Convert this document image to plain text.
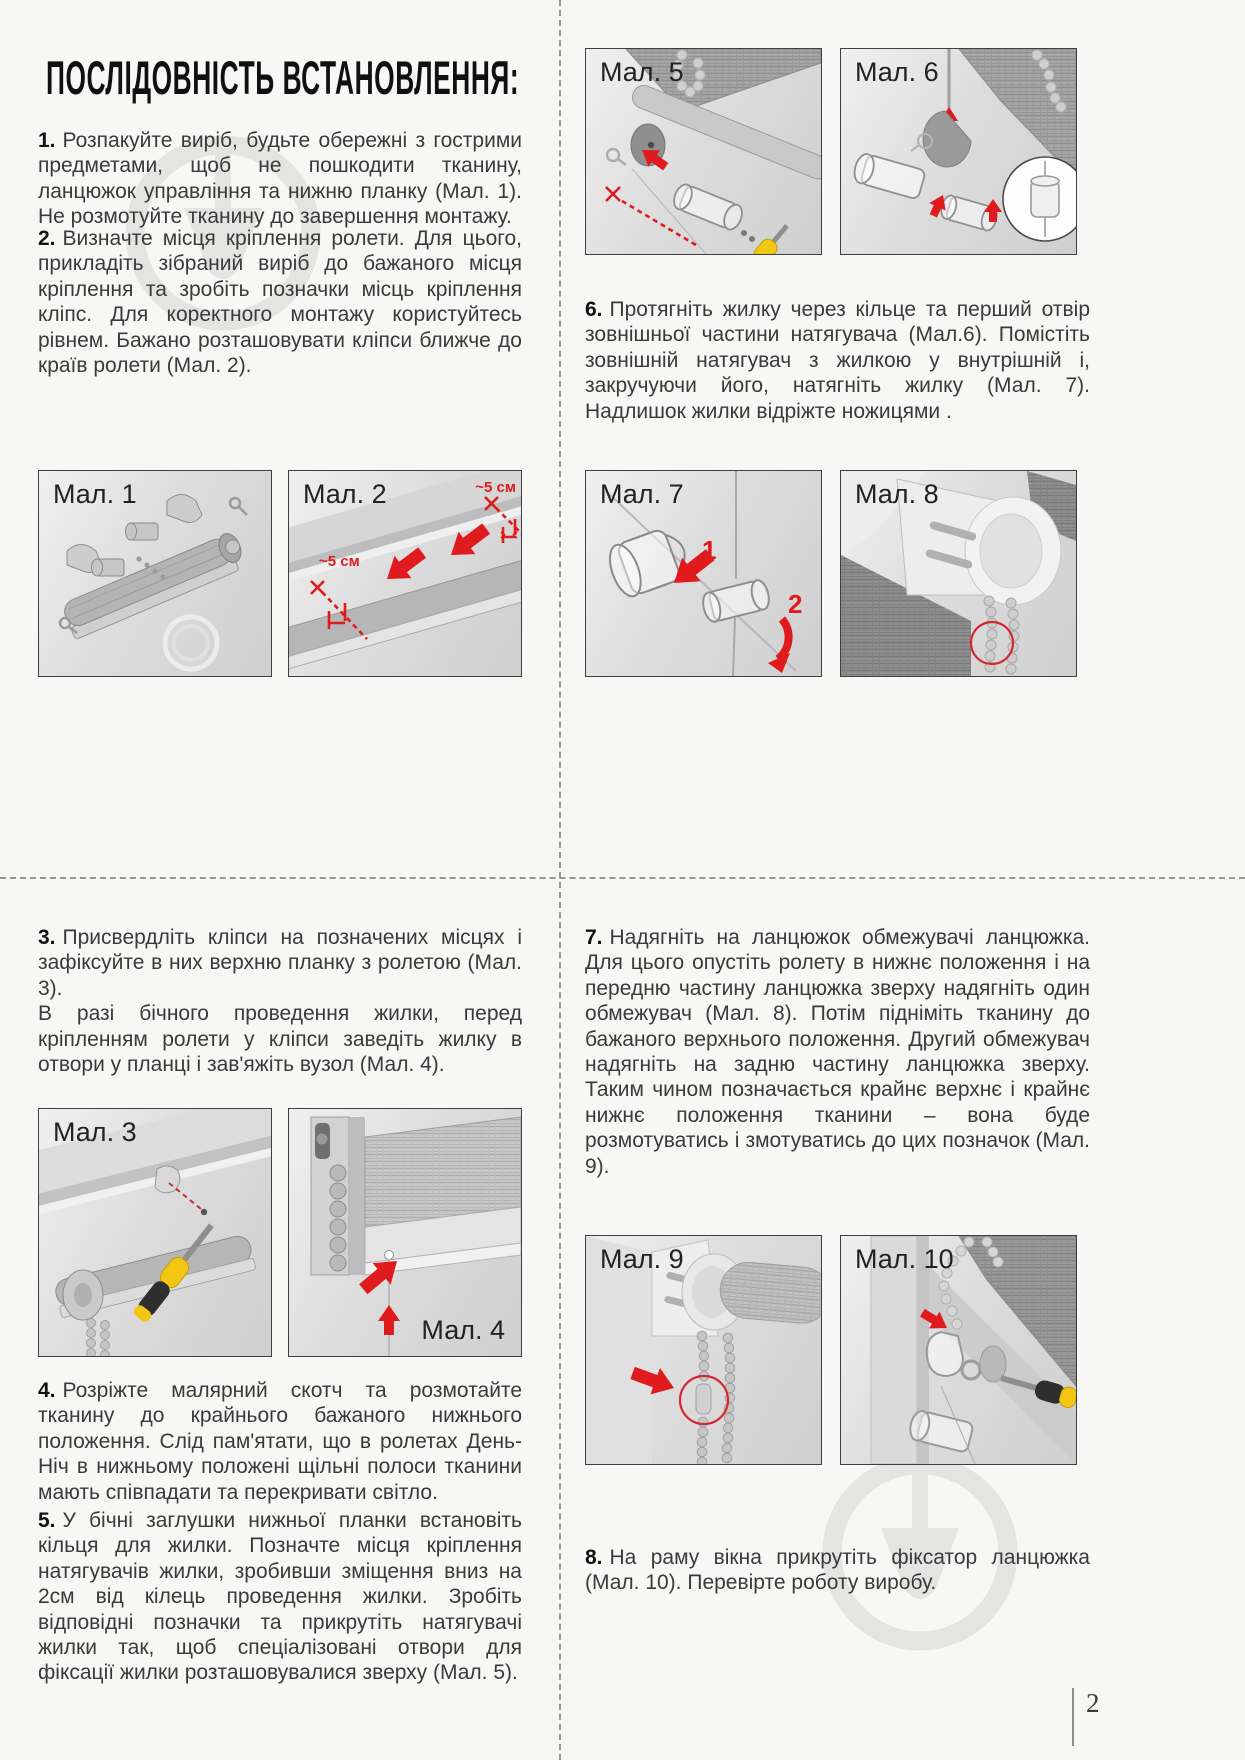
ПОСЛІДОВНІСТЬ ВСТАНОВЛЕННЯ:
1. Розпакуйте виріб, будьте обережні з гострими предметами, щоб не пошкодити тканину, ланцюжок управління та нижню планку (Мал. 1). Не розмотуйте тканину до завершення монтажу.
2. Визначте місця кріплення ролети. Для цього, прикладіть зібраний виріб до бажаного місця кріплення та зробіть позначки місць кріплення кліпс. Для коректного монтажу користуйтесь рівнем. Бажано розташовувати кліпси ближче до країв ролети (Мал. 2).
Мал. 1	Мал. 2	~5 см
~5 см
Мал. 5	Мал. 6
6. Протягніть жилку через кільце та перший отвір зовнішньої частини натягувача (Мал.6). Помістіть зовнішній натягувач з жилкою у внутрішній і, закручуючи його, натягніть жилку (Мал. 7). Надлишок жилки відріжте ножицями .
Мал. 7
1
2
Мал. 8
3. Присвердліть кліпси на позначених місцях і зафіксуйте в них верхню планку з ролетою (Мал. 3).
В разі бічного проведення жилки, перед кріпленням ролети у кліпси заведіть жилку в отвори у планці і зав'яжіть вузол (Мал. 4).
7. Надягніть на ланцюжок обмежувачі ланцюжка. Для цього опустіть ролету в нижнє положення і на передню частину ланцюжка зверху надягніть один обмежувач (Мал. 8). Потім підніміть тканину до бажаного верхнього положення. Другий обмежувач надягніть на задню частину ланцюжка зверху. Таким чином позначається крайнє верхнє і крайнє нижнє положення тканини – вона буде розмотуватись і змотуватись до цих позначок (Мал. 9).
Мал. 3
Мал. 4
4. Розріжте малярний скотч та розмотайте тканину до крайнього бажаного нижнього положення. Слід пам'ятати, що в ролетах День-Ніч в нижньому положені щільні полоси тканини мають співпадати та перекривати світло.
5. У бічні заглушки нижньої планки встановіть кільця для жилки. Позначте місця кріплення натягувачів жилки, зробивши зміщення вниз на 2см від кілець проведення жилки. Зробіть відповідні позначки та прикрутіть натягувачі жилки так, щоб спеціалізовані отвори для фіксації жилки розташовувалися зверху (Мал. 5).
Мал. 9	Мал. 10
8. На раму вікна прикрутіть фіксатор ланцюжка (Мал. 10). Перевірте роботу виробу.
2
